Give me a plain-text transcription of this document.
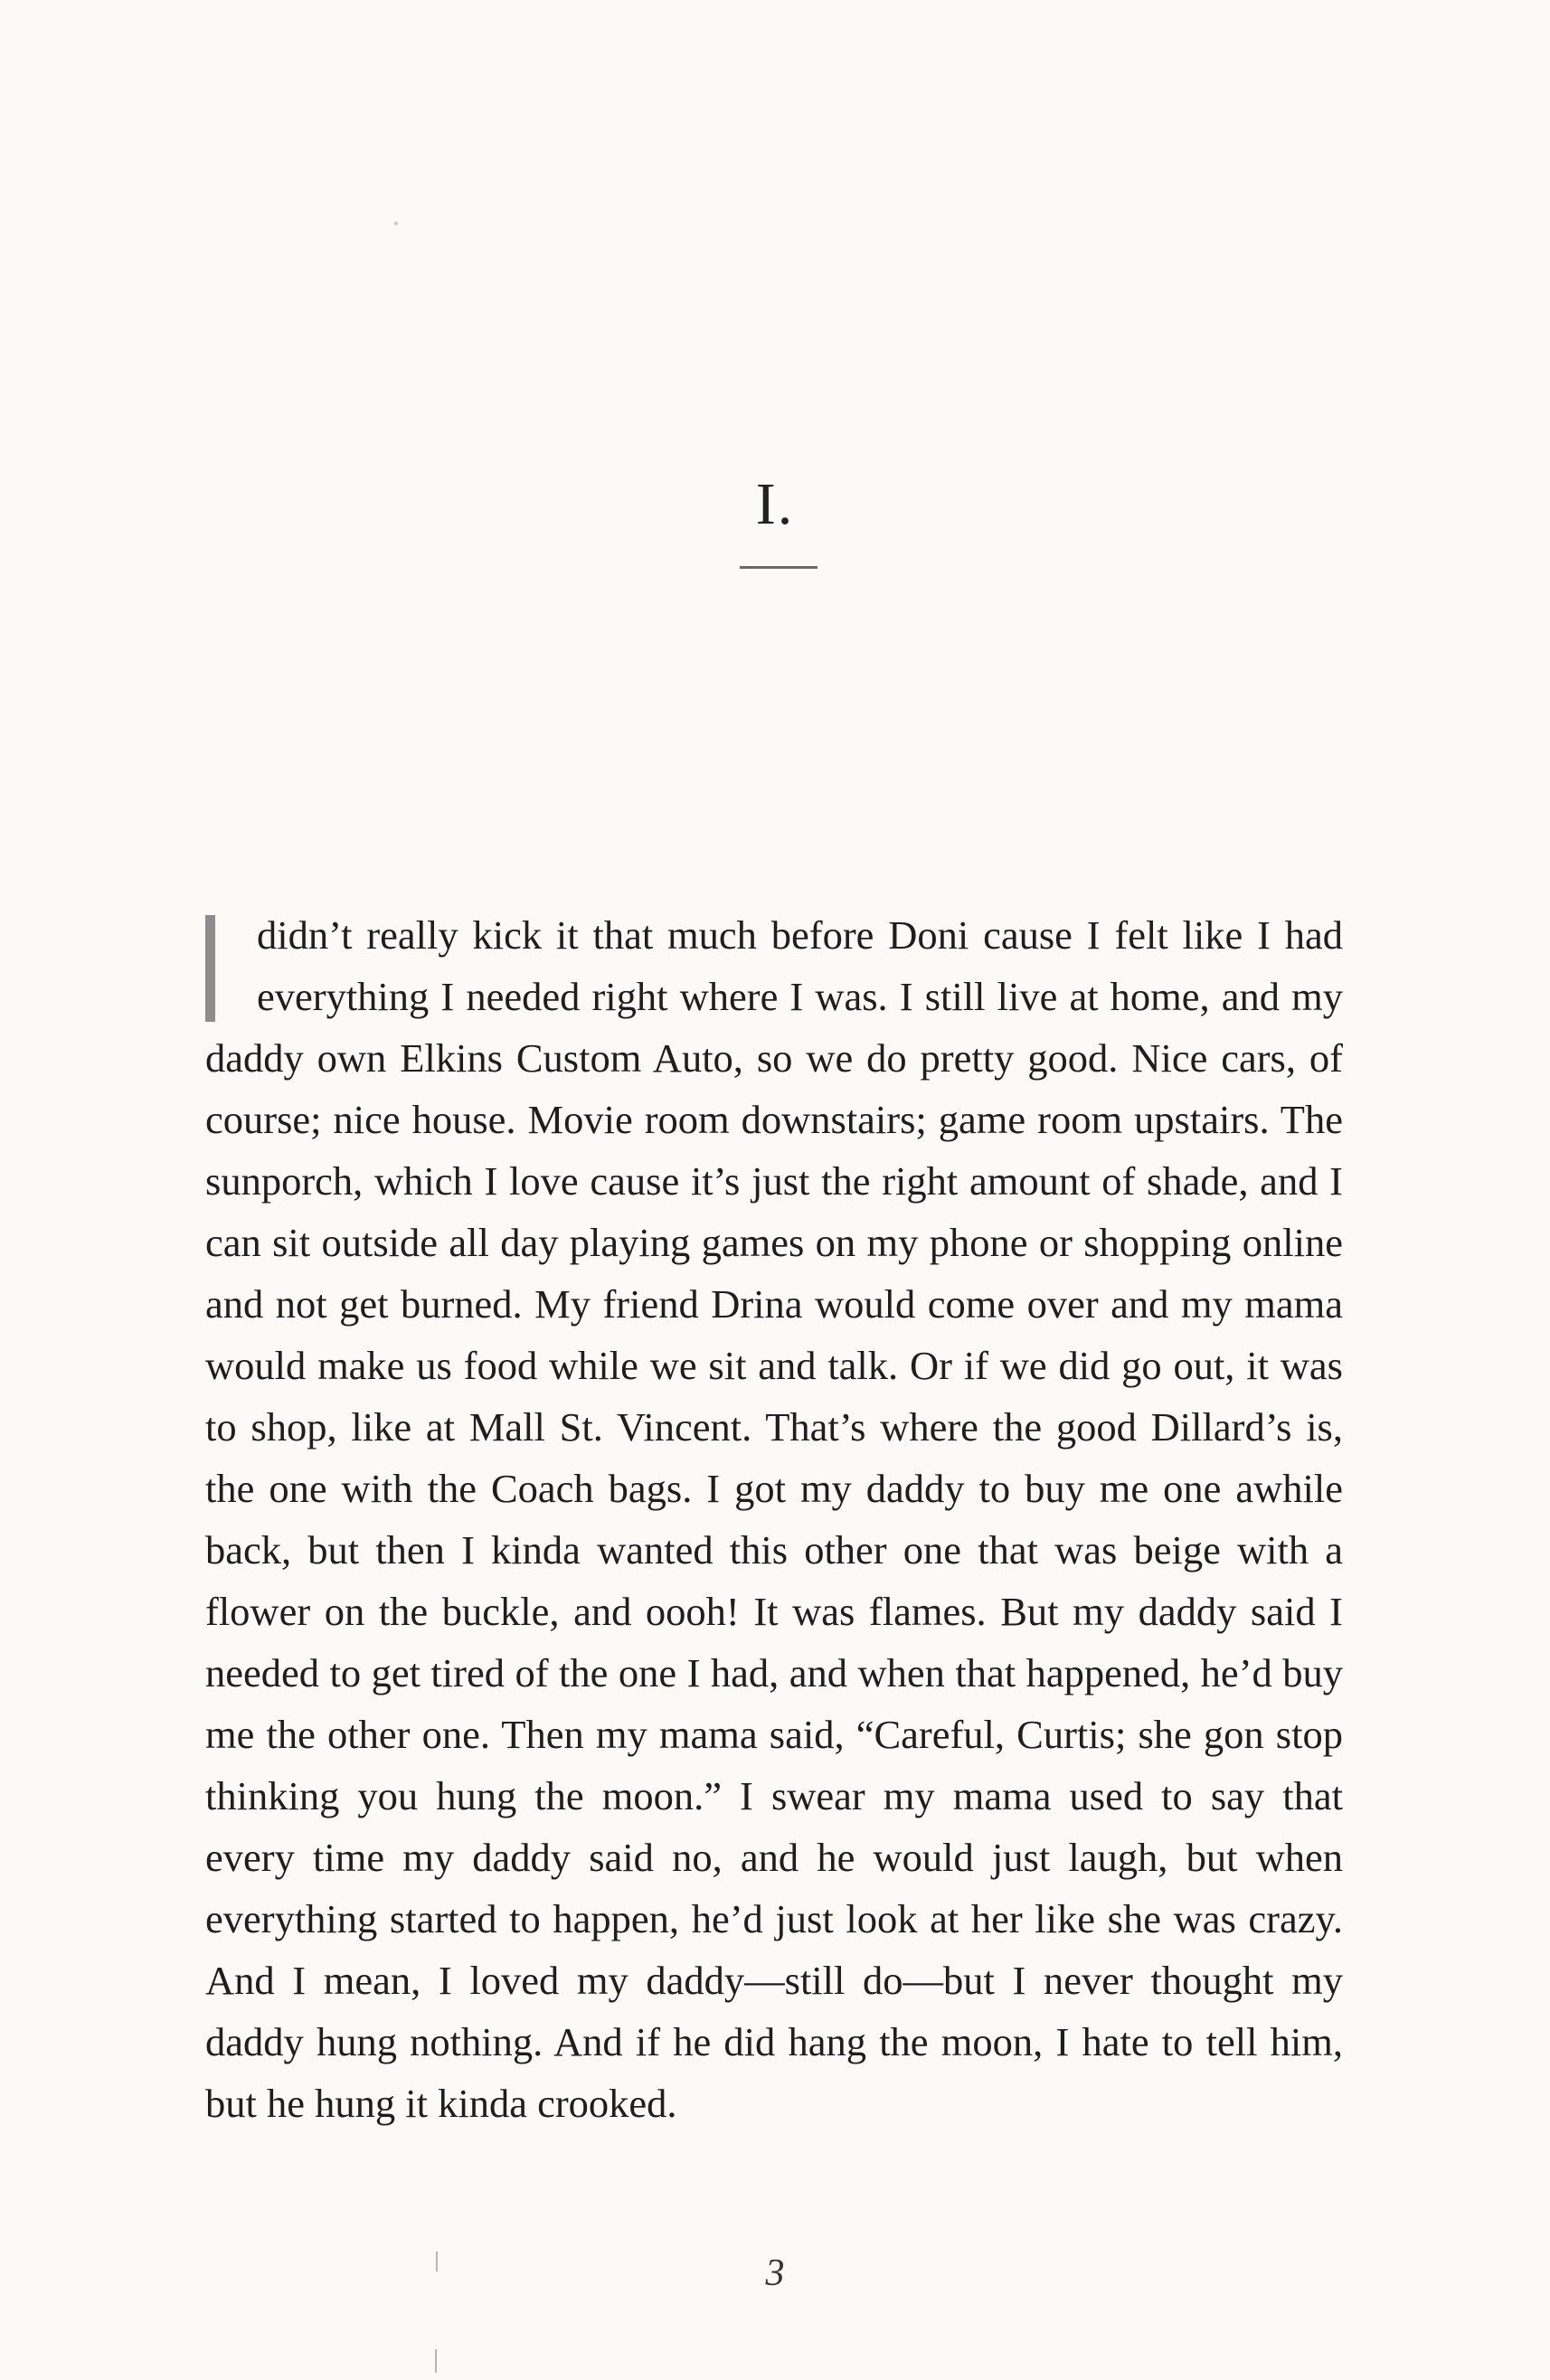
I.
didn’t really kick it that much before Doni cause I felt like I had everything I needed right where I was. I still live at home, and my daddy own Elkins Custom Auto, so we do pretty good. Nice cars, of course; nice house. Movie room downstairs; game room upstairs. The sunporch, which I love cause it’s just the right amount of shade, and I can sit outside all day playing games on my phone or shopping online and not get burned. My friend Drina would come over and my mama would make us food while we sit and talk. Or if we did go out, it was to shop, like at Mall St. Vincent. That’s where the good Dillard’s is, the one with the Coach bags. I got my daddy to buy me one awhile back, but then I kinda wanted this other one that was beige with a flower on the buckle, and oooh! It was flames. But my daddy said I needed to get tired of the one I had, and when that happened, he’d buy me the other one. Then my mama said, “Careful, Curtis; she gon stop thinking you hung the moon.” I swear my mama used to say that every time my daddy said no, and he would just laugh, but when everything started to happen, he’d just look at her like she was crazy. And I mean, I loved my daddy—still do—but I never thought my daddy hung nothing. And if he did hang the moon, I hate to tell him, but he hung it kinda crooked.
3
